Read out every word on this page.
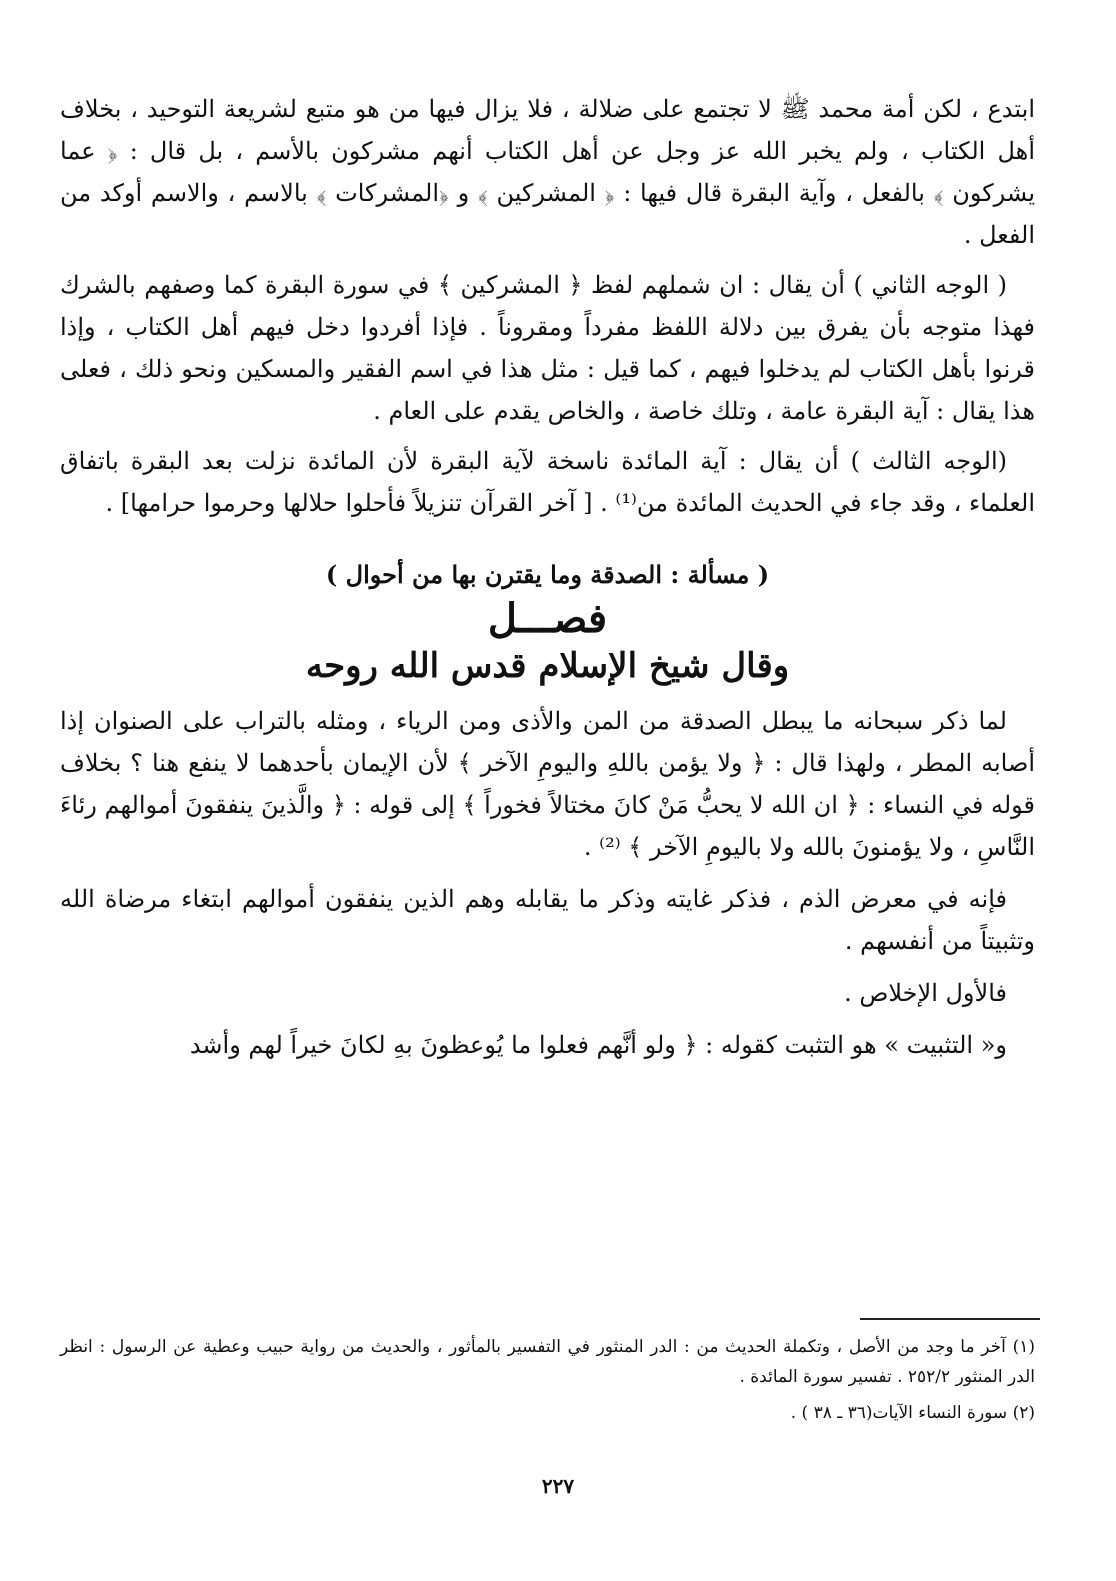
ابتدع ، لكن أمة محمد ﷺ لا تجتمع على ضلالة ، فلا يزال فيها من هو متبع لشريعة التوحيد ، بخلاف أهل الكتاب ، ولم يخبر الله عز وجل عن أهل الكتاب أنهم مشركون بالأسم ، بل قال : ﴿ عما يشركون ﴾ بالفعل ، وآية البقرة قال فيها : ﴿ المشركين ﴾ و ﴿المشركات ﴾ بالاسم ، والاسم أوكد من الفعل .

( الوجه الثاني ) أن يقال : ان شملهم لفظ ﴿ المشركين ﴾ في سورة البقرة كما وصفهم بالشرك فهذا متوجه بأن يفرق بين دلالة اللفظ مفرداً ومقروناً . فإذا أفردوا دخل فيهم أهل الكتاب ، وإذا قرنوا بأهل الكتاب لم يدخلوا فيهم ، كما قيل : مثل هذا في اسم الفقير والمسكين ونحو ذلك ، فعلى هذا يقال : آية البقرة عامة ، وتلك خاصة ، والخاص يقدم على العام .

(الوجه الثالث ) أن يقال : آية المائدة ناسخة لآية البقرة لأن المائدة نزلت بعد البقرة باتفاق العلماء ، وقد جاء في الحديث المائدة من⁽¹⁾ . [ آخر القرآن تنزيلاً فأحلوا حلالها وحرموا حرامها] .

( مسألة : الصدقة وما يقترن بها من أحوال )
فصـــل
وقال شيخ الإسلام قدس الله روحه

لما ذكر سبحانه ما يبطل الصدقة من المن والأذى ومن الرياء ، ومثله بالتراب على الصنوان إذا أصابه المطر ، ولهذا قال : ﴿ ولا يؤمن باللهِ واليومِ الآخر ﴾ لأن الإيمان بأحدهما لا ينفع هنا ؟ بخلاف قوله في النساء : ﴿ ان الله لا يحبُّ مَنْ كانَ مختالاً فخوراً ﴾ إلى قوله : ﴿ والَّذينَ ينفقونَ أموالهم رئاءَ النَّاسِ ، ولا يؤمنونَ بالله ولا باليومِ الآخر ﴾ ⁽²⁾ .

فإنه في معرض الذم ، فذكر غايته وذكر ما يقابله وهم الذين ينفقون أموالهم ابتغاء مرضاة الله وتثبيتاً من أنفسهم .

فالأول الإخلاص .

و« التثبيت » هو التثبت كقوله : ﴿ ولو أنَّهم فعلوا ما يُوعظونَ بهِ لكانَ خيراً لهم وأشد

(١) آخر ما وجد من الأصل ، وتكملة الحديث من : الدر المنثور في التفسير بالمأثور ، والحديث من رواية حبيب وعطية عن الرسول : انظر الدر المنثور ٢٥٢/٢ . تفسير سورة المائدة .

(٢) سورة النساء الآيات(٣٦ ـ ٣٨ ) .

٢٢٧
